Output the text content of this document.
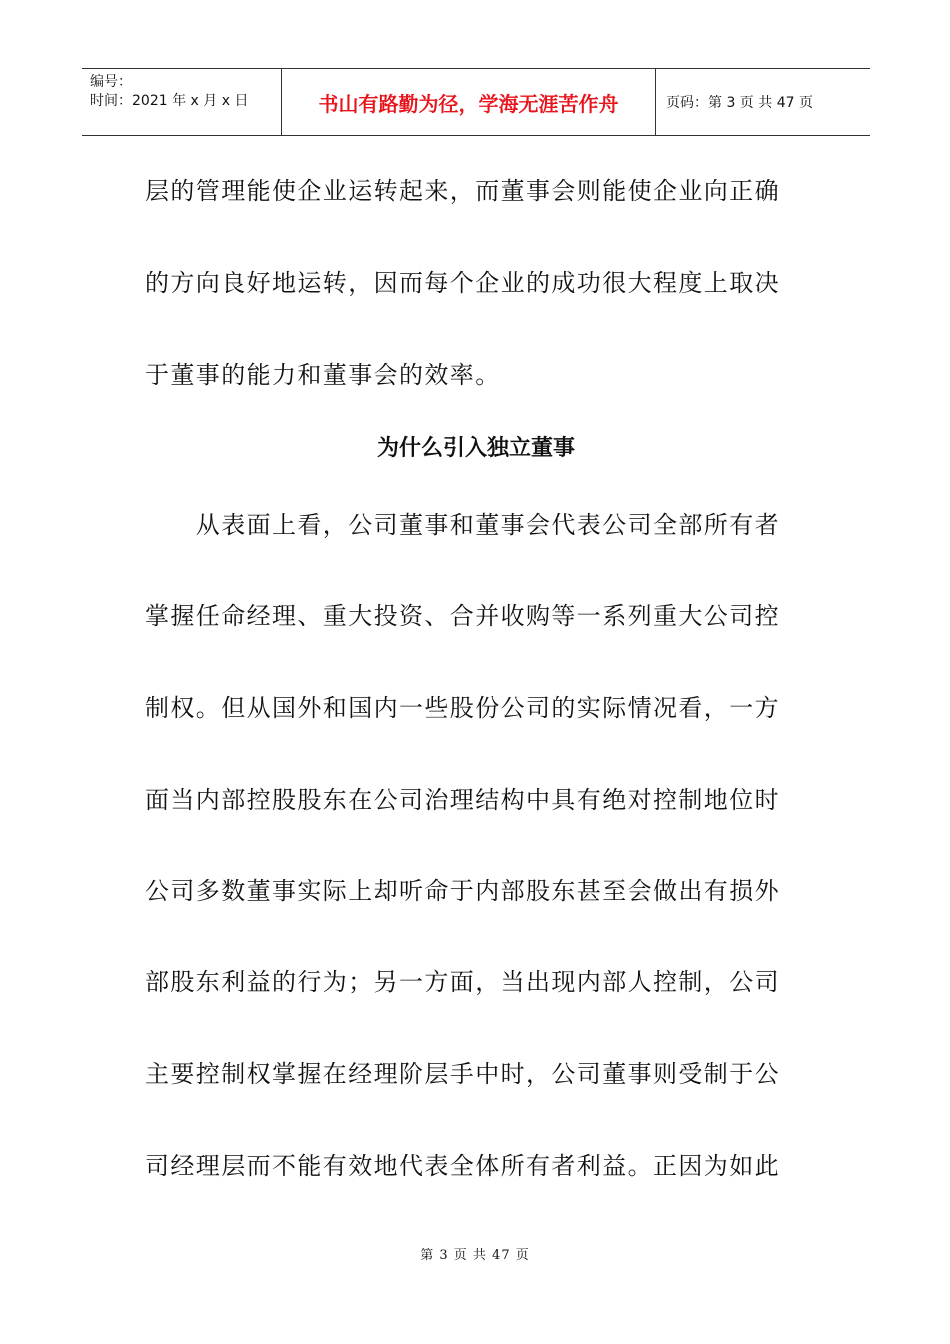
编号：
时间：2021 年 x 月 x 日	书山有路勤为径，学海无涯苦作舟	页码：第 3 页 共 47 页
层的管理能使企业运转起来，而董事会则能使企业向正确
的方向良好地运转，因而每个企业的成功很大程度上取决
于董事的能力和董事会的效率。
为什么引入独立董事
　　从表面上看，公司董事和董事会代表公司全部所有者
掌握任命经理、重大投资、合并收购等一系列重大公司控
制权。但从国外和国内一些股份公司的实际情况看，一方
面当内部控股股东在公司治理结构中具有绝对控制地位时
公司多数董事实际上却听命于内部股东甚至会做出有损外
部股东利益的行为；另一方面，当出现内部人控制，公司
主要控制权掌握在经理阶层手中时，公司董事则受制于公
司经理层而不能有效地代表全体所有者利益。正因为如此
第 3 页 共 47 页
